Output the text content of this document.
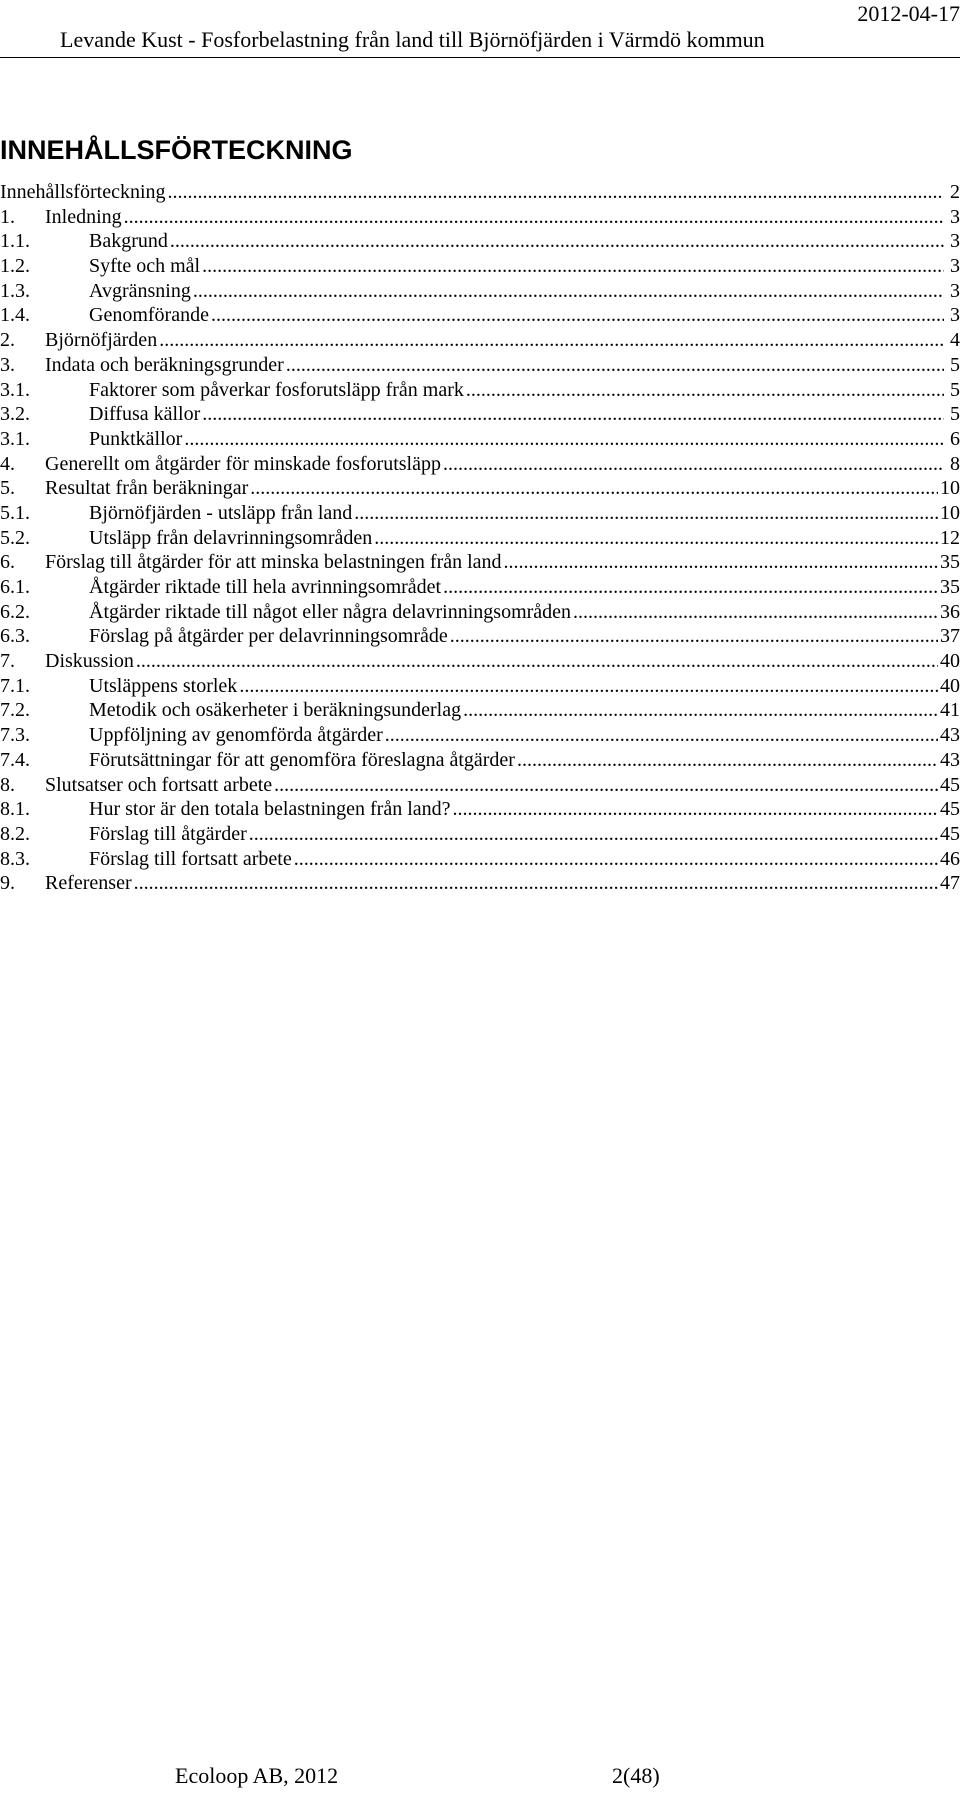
2012-04-17
Levande Kust - Fosforbelastning från land till Björnöfjärden i Värmdö kommun
INNEHÅLLSFÖRTECKNING
Innehållsförteckning .....	2
1.	Inledning .....	3
1.1.	Bakgrund .....	3
1.2.	Syfte och mål .....	3
1.3.	Avgränsning .....	3
1.4.	Genomförande .....	3
2.	Björnöfjärden .....	4
3.	Indata och beräkningsgrunder .....	5
3.1.	Faktorer som påverkar fosforutsläpp från mark .....	5
3.2.	Diffusa källor .....	5
3.1.	Punktkällor .....	6
4.	Generellt om åtgärder för minskade fosforutsläpp .....	8
5.	Resultat från beräkningar .....	10
5.1.	Björnöfjärden - utsläpp från land .....	10
5.2.	Utsläpp från delavrinningsområden .....	12
6.	Förslag till åtgärder för att minska belastningen från land .....	35
6.1.	Åtgärder riktade till hela avrinningsområdet .....	35
6.2.	Åtgärder riktade till något eller några delavrinningsområden .....	36
6.3.	Förslag på åtgärder per delavrinningsområde .....	37
7.	Diskussion .....	40
7.1.	Utsläppens storlek .....	40
7.2.	Metodik och osäkerheter i beräkningsunderlag .....	41
7.3.	Uppföljning av genomförda åtgärder .....	43
7.4.	Förutsättningar för att genomföra föreslagna åtgärder .....	43
8.	Slutsatser och fortsatt arbete .....	45
8.1.	Hur stor är den totala belastningen från land? .....	45
8.2.	Förslag till åtgärder .....	45
8.3.	Förslag till fortsatt arbete .....	46
9.	Referenser .....	47
Ecoloop AB, 2012	2(48)
